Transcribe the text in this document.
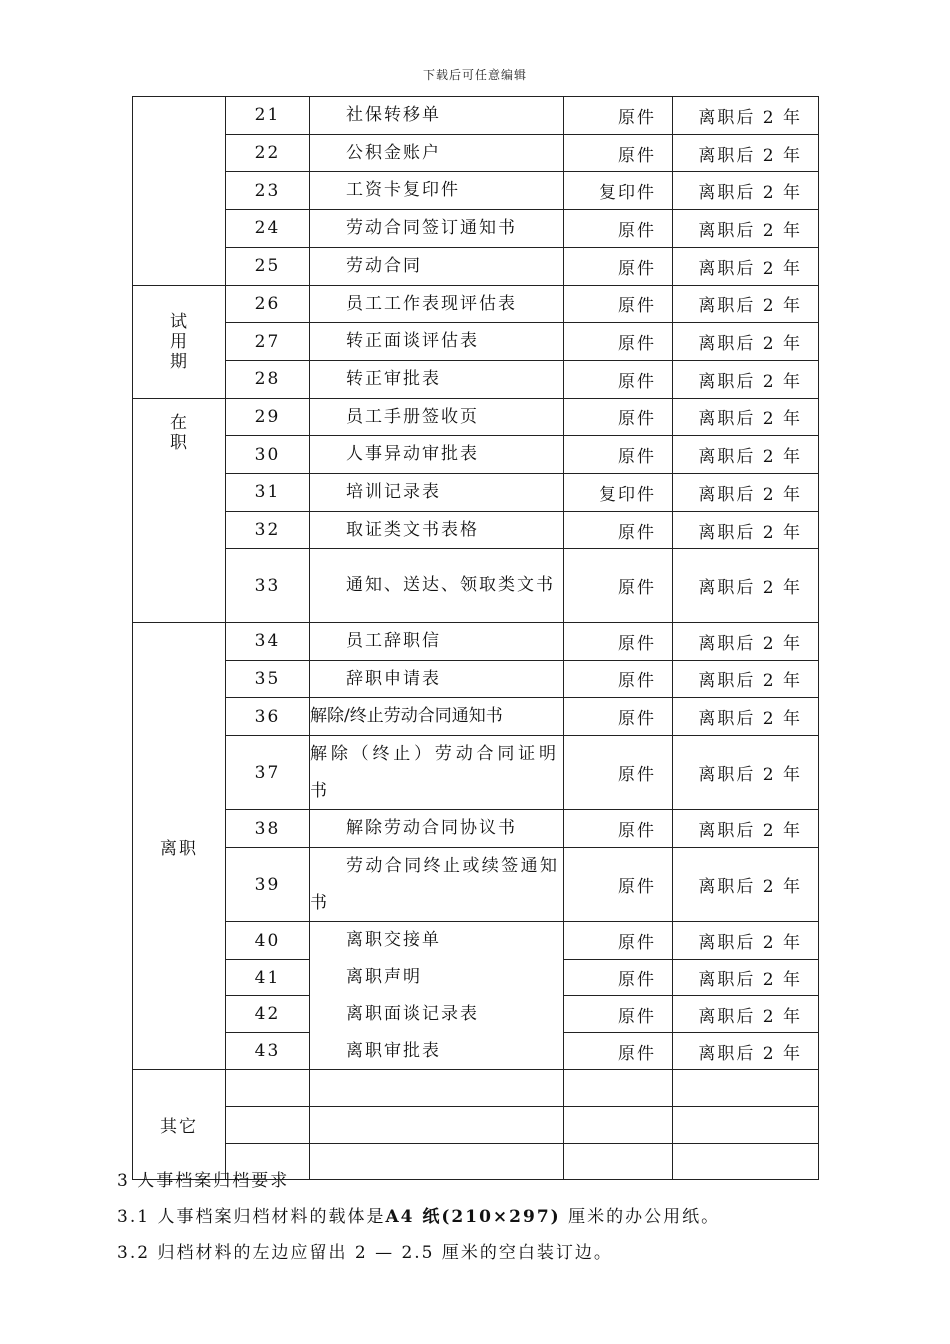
下载后可任意编辑
	21	社保转移单	原件	离职后 2 年
	22	公积金账户	原件	离职后 2 年
	23	工资卡复印件	复印件	离职后 2 年
	24	劳动合同签订通知书	原件	离职后 2 年
	25	劳动合同	原件	离职后 2 年
试用期	26	员工工作表现评估表	原件	离职后 2 年
	27	转正面谈评估表	原件	离职后 2 年
	28	转正审批表	原件	离职后 2 年
在职	29	员工手册签收页	原件	离职后 2 年
	30	人事异动审批表	原件	离职后 2 年
	31	培训记录表	复印件	离职后 2 年
	32	取证类文书表格	原件	离职后 2 年
	33	通知、送达、领取类文书	原件	离职后 2 年
离职	34	员工辞职信	原件	离职后 2 年
	35	辞职申请表	原件	离职后 2 年
	36	解除/终止劳动合同通知书	原件	离职后 2 年
	37	解除（终止）劳动合同证明书	原件	离职后 2 年
	38	解除劳动合同协议书	原件	离职后 2 年
	39	劳动合同终止或续签通知书	原件	离职后 2 年
	40	离职交接单	原件	离职后 2 年
	41	离职声明	原件	离职后 2 年
	42	离职面谈记录表	原件	离职后 2 年
	43	离职审批表	原件	离职后 2 年
其它				

3 人事档案归档要求
3.1 人事档案归档材料的载体是A4 纸(210×297) 厘米的办公用纸。
3.2 归档材料的左边应留出 2 — 2.5 厘米的空白装订边。
